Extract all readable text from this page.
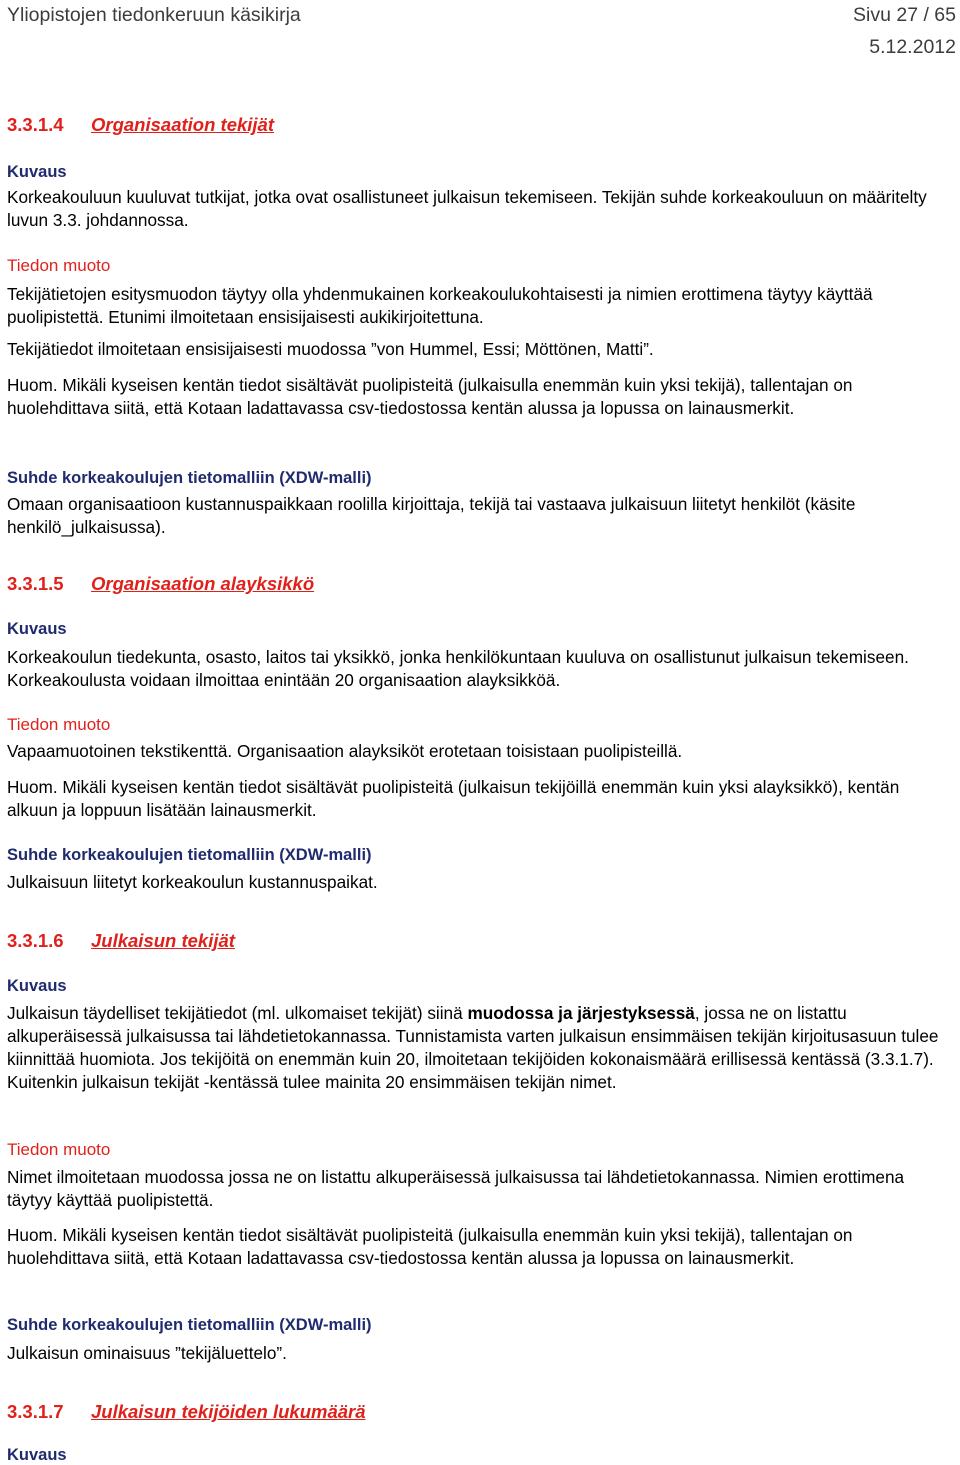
Yliopistojen tiedonkeruun käsikirja	Sivu 27 / 65
5.12.2012
3.3.1.4 Organisaation tekijät
Kuvaus
Korkeakouluun kuuluvat tutkijat, jotka ovat osallistuneet julkaisun tekemiseen. Tekijän suhde korkeakouluun on määritelty luvun 3.3. johdannossa.
Tiedon muoto
Tekijätietojen esitysmuodon täytyy olla yhdenmukainen korkeakoulukohtaisesti ja nimien erottimena täytyy käyttää puolipistettä. Etunimi ilmoitetaan ensisijaisesti aukikirjoitettuna.
Tekijätiedot ilmoitetaan ensisijaisesti muodossa ”von Hummel, Essi; Möttönen, Matti”.
Huom. Mikäli kyseisen kentän tiedot sisältävät puolipisteitä (julkaisulla enemmän kuin yksi tekijä), tallentajan on huolehdittava siitä, että Kotaan ladattavassa csv-tiedostossa kentän alussa ja lopussa on lainausmerkit.
Suhde korkeakoulujen tietomalliin (XDW-malli)
Omaan organisaatioon kustannuspaikkaan roolilla kirjoittaja, tekijä tai vastaava julkaisuun liitetyt henkilöt (käsite henkilö_julkaisussa).
3.3.1.5 Organisaation alayksikkö
Kuvaus
Korkeakoulun tiedekunta, osasto, laitos tai yksikkö, jonka henkilökuntaan kuuluva on osallistunut julkaisun tekemiseen. Korkeakoulusta voidaan ilmoittaa enintään 20 organisaation alayksikköä.
Tiedon muoto
Vapaamuotoinen tekstikenttä. Organisaation alayksiköt erotetaan toisistaan puolipisteillä.
Huom. Mikäli kyseisen kentän tiedot sisältävät puolipisteitä (julkaisun tekijöillä enemmän kuin yksi alayksikkö), kentän alkuun ja loppuun lisätään lainausmerkit.
Suhde korkeakoulujen tietomalliin (XDW-malli)
Julkaisuun liitetyt korkeakoulun kustannuspaikat.
3.3.1.6 Julkaisun tekijät
Kuvaus
Julkaisun täydelliset tekijätiedot (ml. ulkomaiset tekijät) siinä muodossa ja järjestyksessä, jossa ne on listattu alkuperäisessä julkaisussa tai lähdetietokannassa. Tunnistamista varten julkaisun ensimmäisen tekijän kirjoitusasuun tulee kiinnittää huomiota. Jos tekijöitä on enemmän kuin 20, ilmoitetaan tekijöiden kokonaismäärä erillisessä kentässä (3.3.1.7). Kuitenkin julkaisun tekijät -kentässä tulee mainita 20 ensimmäisen tekijän nimet.
Tiedon muoto
Nimet ilmoitetaan muodossa jossa ne on listattu alkuperäisessä julkaisussa tai lähdetietokannassa. Nimien erottimena täytyy käyttää puolipistettä.
Huom. Mikäli kyseisen kentän tiedot sisältävät puolipisteitä (julkaisulla enemmän kuin yksi tekijä), tallentajan on huolehdittava siitä, että Kotaan ladattavassa csv-tiedostossa kentän alussa ja lopussa on lainausmerkit.
Suhde korkeakoulujen tietomalliin (XDW-malli)
Julkaisun ominaisuus ”tekijäluettelo”.
3.3.1.7 Julkaisun tekijöiden lukumäärä
Kuvaus
